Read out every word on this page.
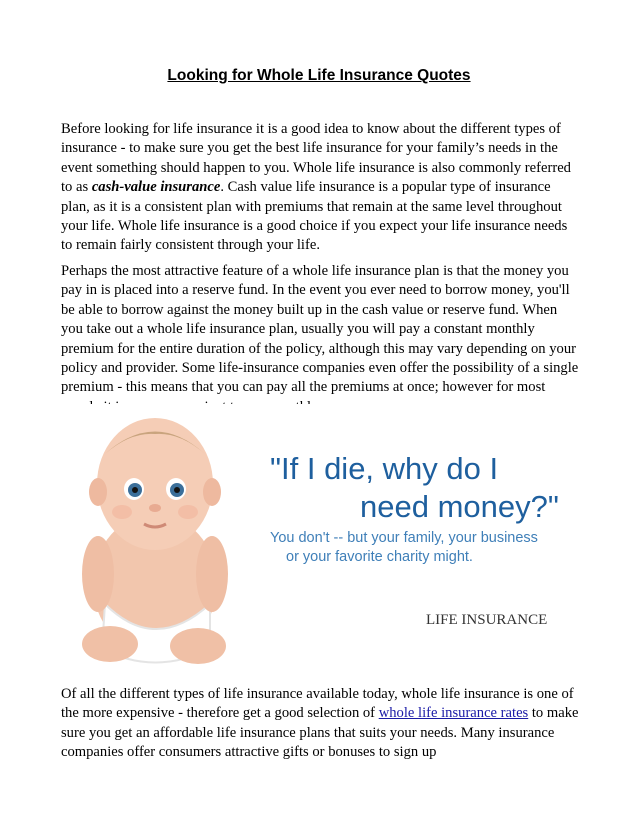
Looking for Whole Life Insurance Quotes

Before looking for life insurance it is a good idea to know about the different types of insurance - to make sure you get the best life insurance for your family’s needs in the event something should happen to you. Whole life insurance is also commonly referred to as cash-value insurance. Cash value life insurance is a popular type of insurance plan, as it is a consistent plan with premiums that remain at the same level throughout your life. Whole life insurance is a good choice if you expect your life insurance needs to remain fairly consistent through your life.

Perhaps the most attractive feature of a whole life insurance plan is that the money you pay in is placed into a reserve fund. In the event you ever need to borrow money, you'll be able to borrow against the money built up in the cash value or reserve fund. When you take out a whole life insurance plan, usually you will pay a constant monthly premium for the entire duration of the policy, although this may vary depending on your policy and provider. Some life-insurance companies even offer the possibility of a single premium - this means that you can pay all the premiums at once; however for most

"If I die, why do I
need money?"
You don't -- but your family, your business
or your favorite charity might.
LIFE INSURANCE

Of all the different types of life insurance available today, whole life insurance is one of the more expensive - therefore get a good selection of whole life insurance rates to make sure you get an affordable life insurance plans that suits your needs. Many insurance companies offer consumers attractive gifts or bonuses to sign up
